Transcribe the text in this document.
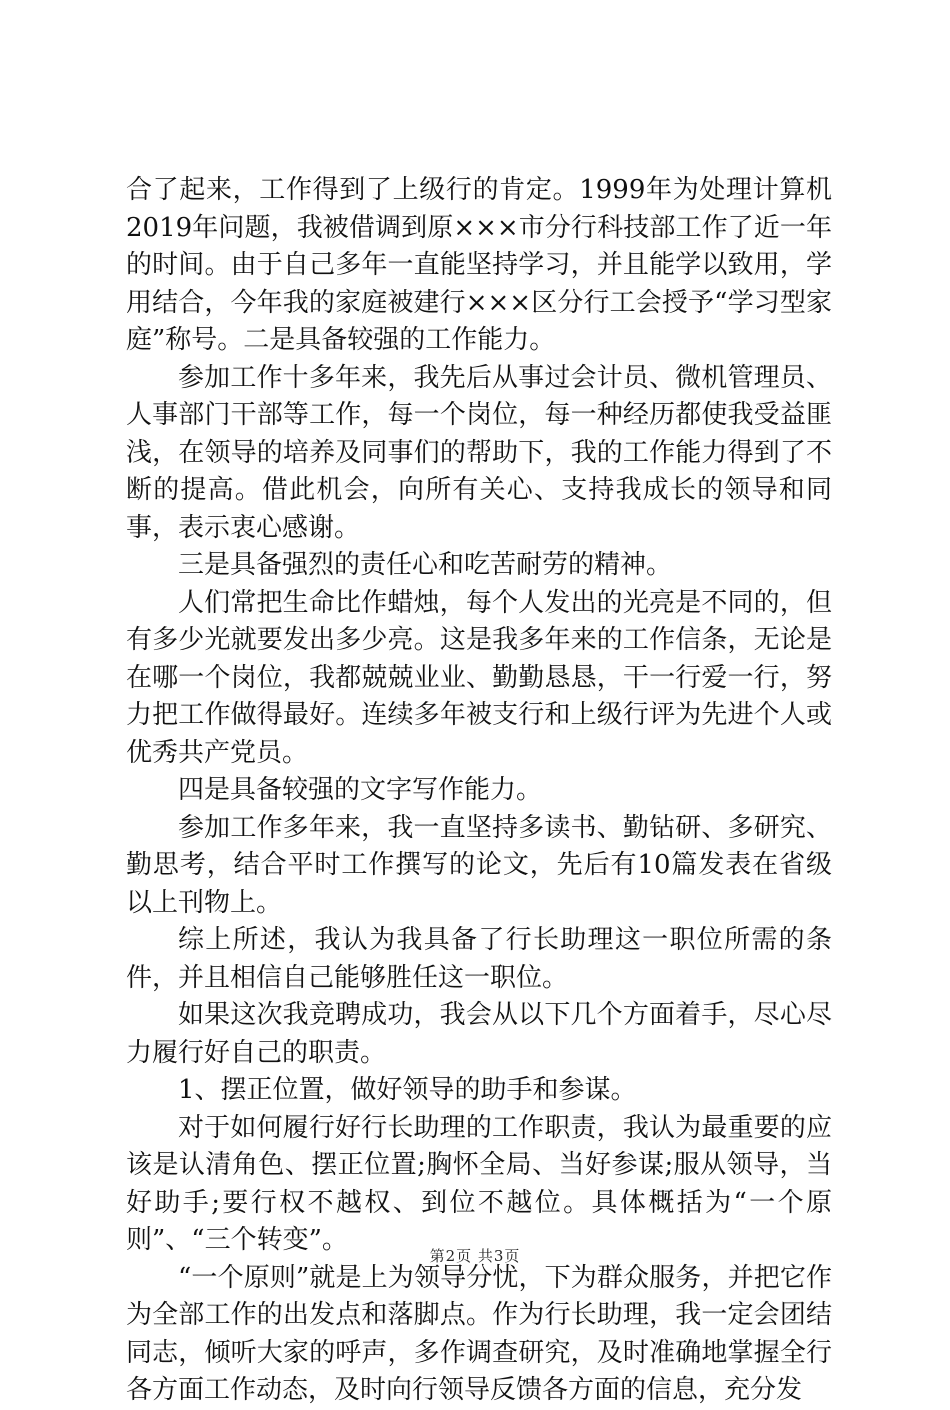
合了起来，工作得到了上级行的肯定。1999年为处理计算机2019年问题，我被借调到原×××市分行科技部工作了近一年的时间。由于自己多年一直能坚持学习，并且能学以致用，学用结合，今年我的家庭被建行×××区分行工会授予“学习型家庭”称号。二是具备较强的工作能力。

参加工作十多年来，我先后从事过会计员、微机管理员、人事部门干部等工作，每一个岗位，每一种经历都使我受益匪浅，在领导的培养及同事们的帮助下，我的工作能力得到了不断的提高。借此机会，向所有关心、支持我成长的领导和同事，表示衷心感谢。

三是具备强烈的责任心和吃苦耐劳的精神。

人们常把生命比作蜡烛，每个人发出的光亮是不同的，但有多少光就要发出多少亮。这是我多年来的工作信条，无论是在哪一个岗位，我都兢兢业业、勤勤恳恳，干一行爱一行，努力把工作做得最好。连续多年被支行和上级行评为先进个人或优秀共产党员。

四是具备较强的文字写作能力。

参加工作多年来，我一直坚持多读书、勤钻研、多研究、勤思考，结合平时工作撰写的论文，先后有10篇发表在省级以上刊物上。

综上所述，我认为我具备了行长助理这一职位所需的条件，并且相信自己能够胜任这一职位。

如果这次我竞聘成功，我会从以下几个方面着手，尽心尽力履行好自己的职责。

1、摆正位置，做好领导的助手和参谋。

对于如何履行好行长助理的工作职责，我认为最重要的应该是认清角色、摆正位置;胸怀全局、当好参谋;服从领导，当好助手;要行权不越权、到位不越位。具体概括为“一个原则”、“三个转变”。

“一个原则”就是上为领导分忧，下为群众服务，并把它作为全部工作的出发点和落脚点。作为行长助理，我一定会团结同志，倾听大家的呼声，多作调查研究，及时准确地掌握全行各方面工作动态，及时向行领导反馈各方面的信息，充分发

第2页 共3页
